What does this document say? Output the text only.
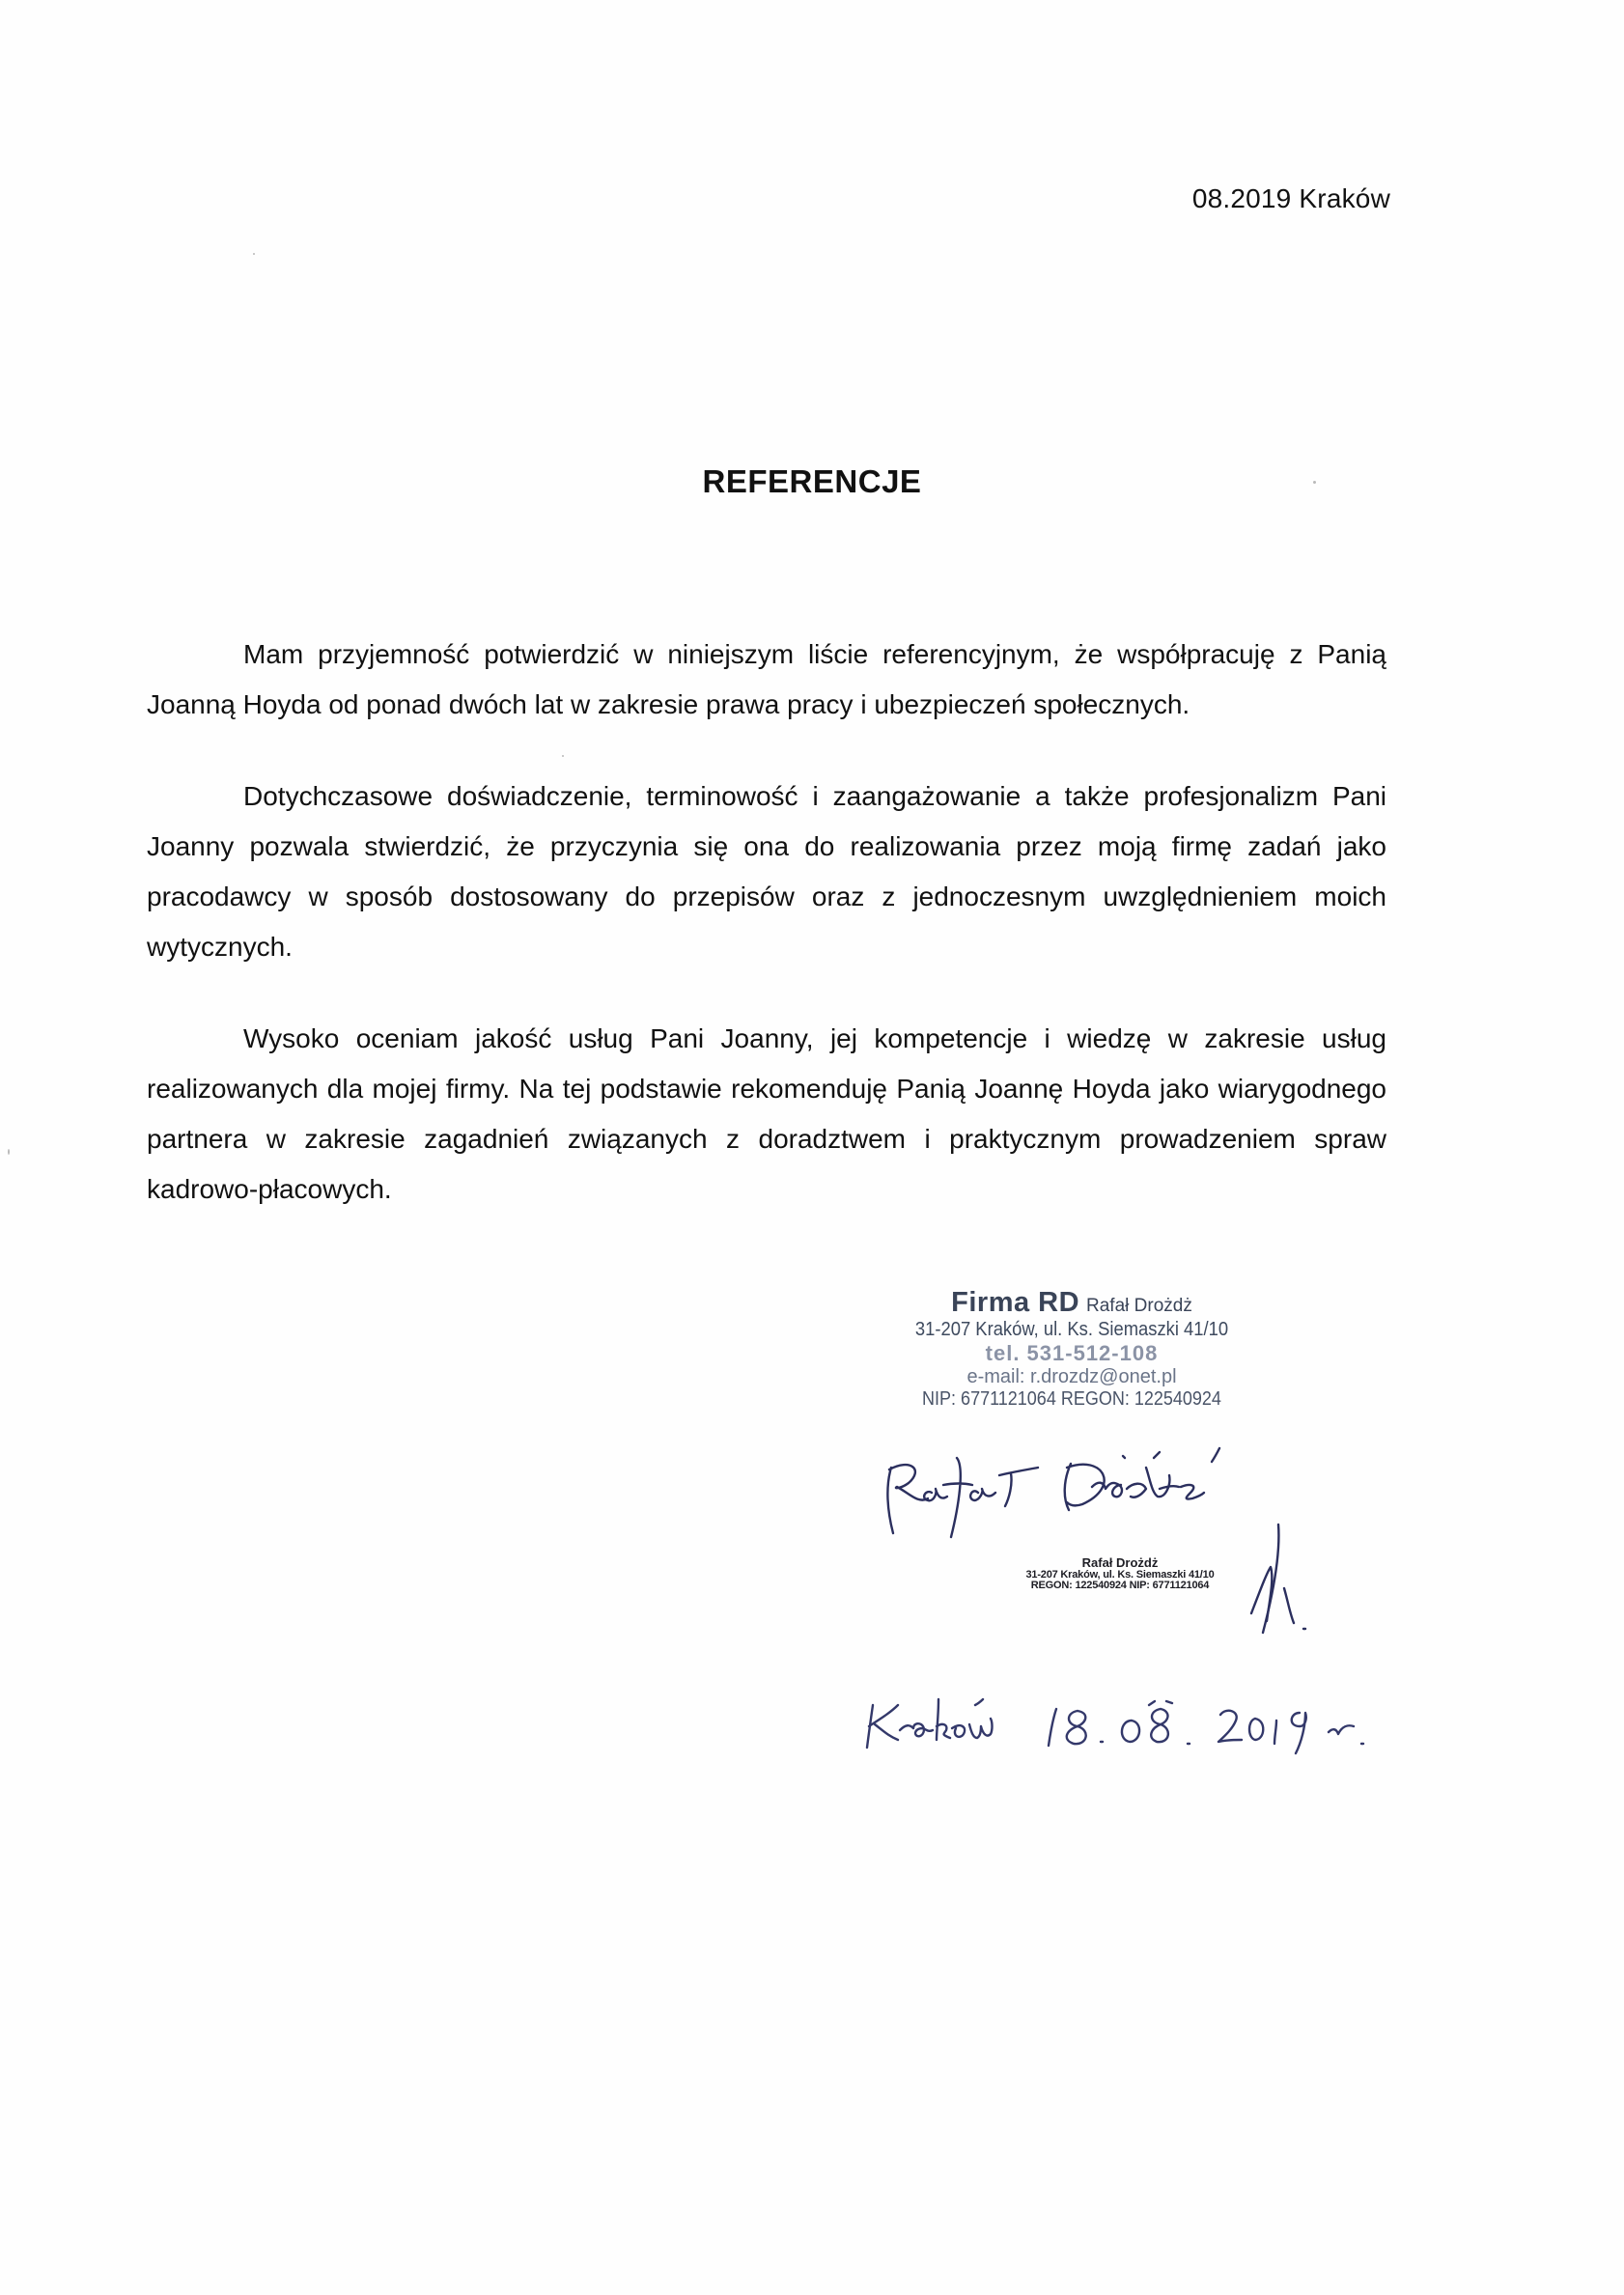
08.2019 Kraków
REFERENCJE

Mam przyjemność potwierdzić w niniejszym liście referencyjnym, że współpracuję z Panią Joanną Hoyda od ponad dwóch lat w zakresie prawa pracy i ubezpieczeń społecznych.

Dotychczasowe doświadczenie, terminowość i zaangażowanie a także profesjonalizm Pani Joanny pozwala stwierdzić, że przyczynia się ona do realizowania przez moją firmę zadań jako pracodawcy w sposób dostosowany do przepisów oraz z jednoczesnym uwzględnieniem moich wytycznych.

Wysoko oceniam jakość usług Pani Joanny, jej kompetencje i wiedzę w zakresie usług realizowanych dla mojej firmy. Na tej podstawie rekomenduję Panią Joannę Hoyda jako wiarygodnego partnera w zakresie zagadnień związanych z doradztwem i praktycznym prowadzeniem spraw kadrowo-płacowych.

Firma RD Rafał Drożdż
31-207 Kraków, ul. Ks. Siemaszki 41/10
tel. 531-512-108
e-mail: r.drozdz@onet.pl
NIP: 6771121064 REGON: 122540924
Rafał Drożdż
31-207 Kraków, ul. Ks. Siemaszki 41/10
REGON: 122540924 NIP: 6771121064
